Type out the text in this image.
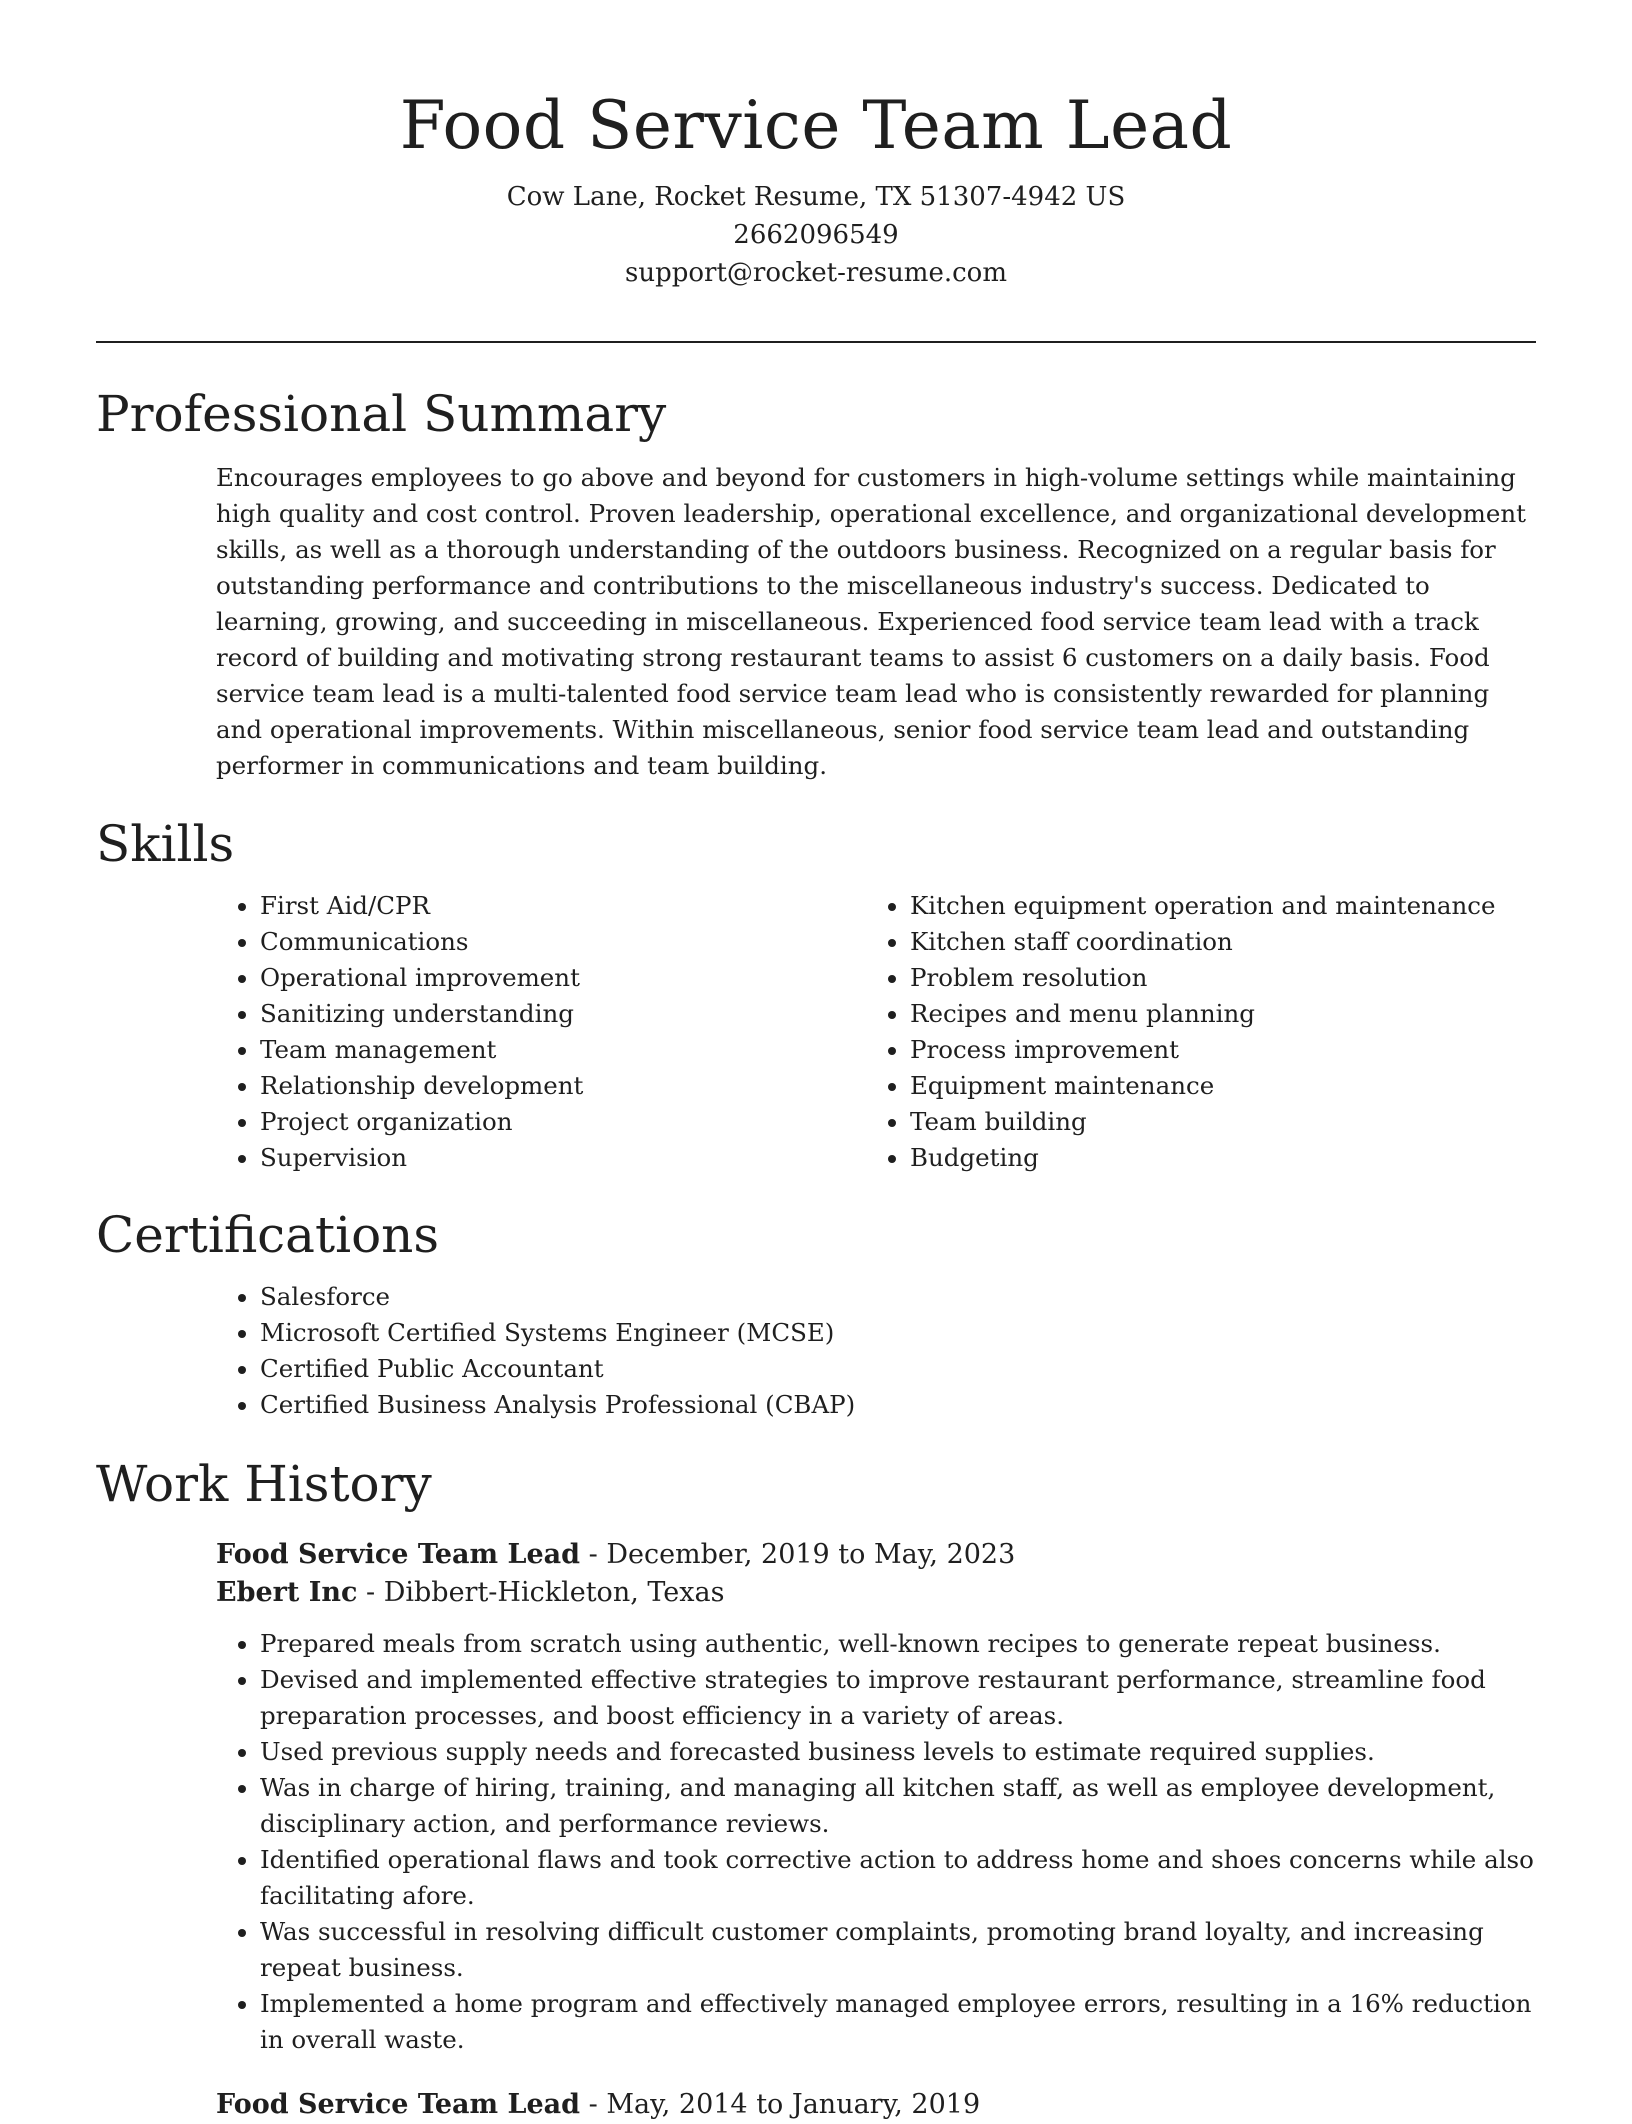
Food Service Team Lead

Cow Lane, Rocket Resume, TX 51307-4942 US

2662096549

support@rocket-resume.com

Professional Summary

Encourages employees to go above and beyond for customers in high-volume settings while maintaining high quality and cost control. Proven leadership, operational excellence, and organizational development skills, as well as a thorough understanding of the outdoors business. Recognized on a regular basis for outstanding performance and contributions to the miscellaneous industry's success. Dedicated to learning, growing, and succeeding in miscellaneous. Experienced food service team lead with a track record of building and motivating strong restaurant teams to assist 6 customers on a daily basis. Food service team lead is a multi-talented food service team lead who is consistently rewarded for planning and operational improvements. Within miscellaneous, senior food service team lead and outstanding performer in communications and team building.

Skills
• First Aid/CPR
• Communications
• Operational improvement
• Sanitizing understanding
• Team management
• Relationship development
• Project organization
• Supervision
• Kitchen equipment operation and maintenance
• Kitchen staff coordination
• Problem resolution
• Recipes and menu planning
• Process improvement
• Equipment maintenance
• Team building
• Budgeting
Certifications
• Salesforce
• Microsoft Certified Systems Engineer (MCSE)
• Certified Public Accountant
• Certified Business Analysis Professional (CBAP)
Work History

Food Service Team Lead - December, 2019 to May, 2023

Ebert Inc - Dibbert-Hickleton, Texas

• Prepared meals from scratch using authentic, well-known recipes to generate repeat business.
• Devised and implemented effective strategies to improve restaurant performance, streamline food preparation processes, and boost efficiency in a variety of areas.
• Used previous supply needs and forecasted business levels to estimate required supplies.
• Was in charge of hiring, training, and managing all kitchen staff, as well as employee development, disciplinary action, and performance reviews.
• Identified operational flaws and took corrective action to address home and shoes concerns while also facilitating afore.
• Was successful in resolving difficult customer complaints, promoting brand loyalty, and increasing repeat business.
• Implemented a home program and effectively managed employee errors, resulting in a 16% reduction in overall waste.

Food Service Team Lead - May, 2014 to January, 2019
